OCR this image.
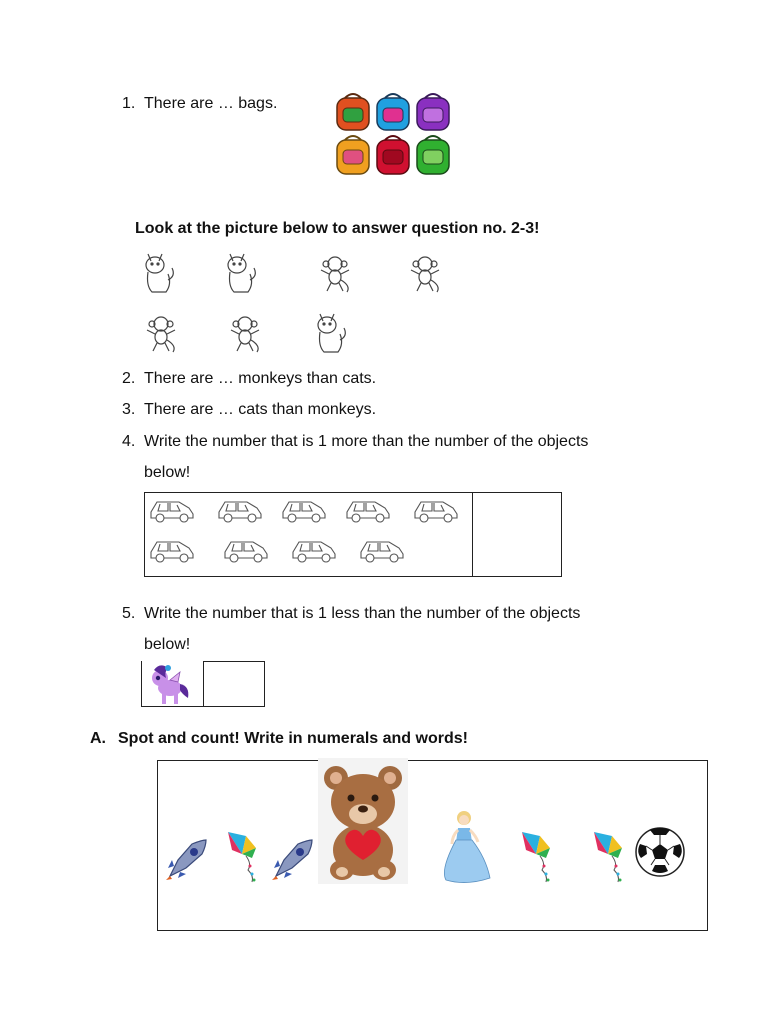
1. There are … bags.
Look at the picture below to answer question no. 2-3!
2. There are … monkeys than cats.
3. There are … cats than monkeys.
4. Write the number that is 1 more than the number of the objects
below!
5. Write the number that is 1 less than the number of the objects
below!
A. Spot and count! Write in numerals and words!
